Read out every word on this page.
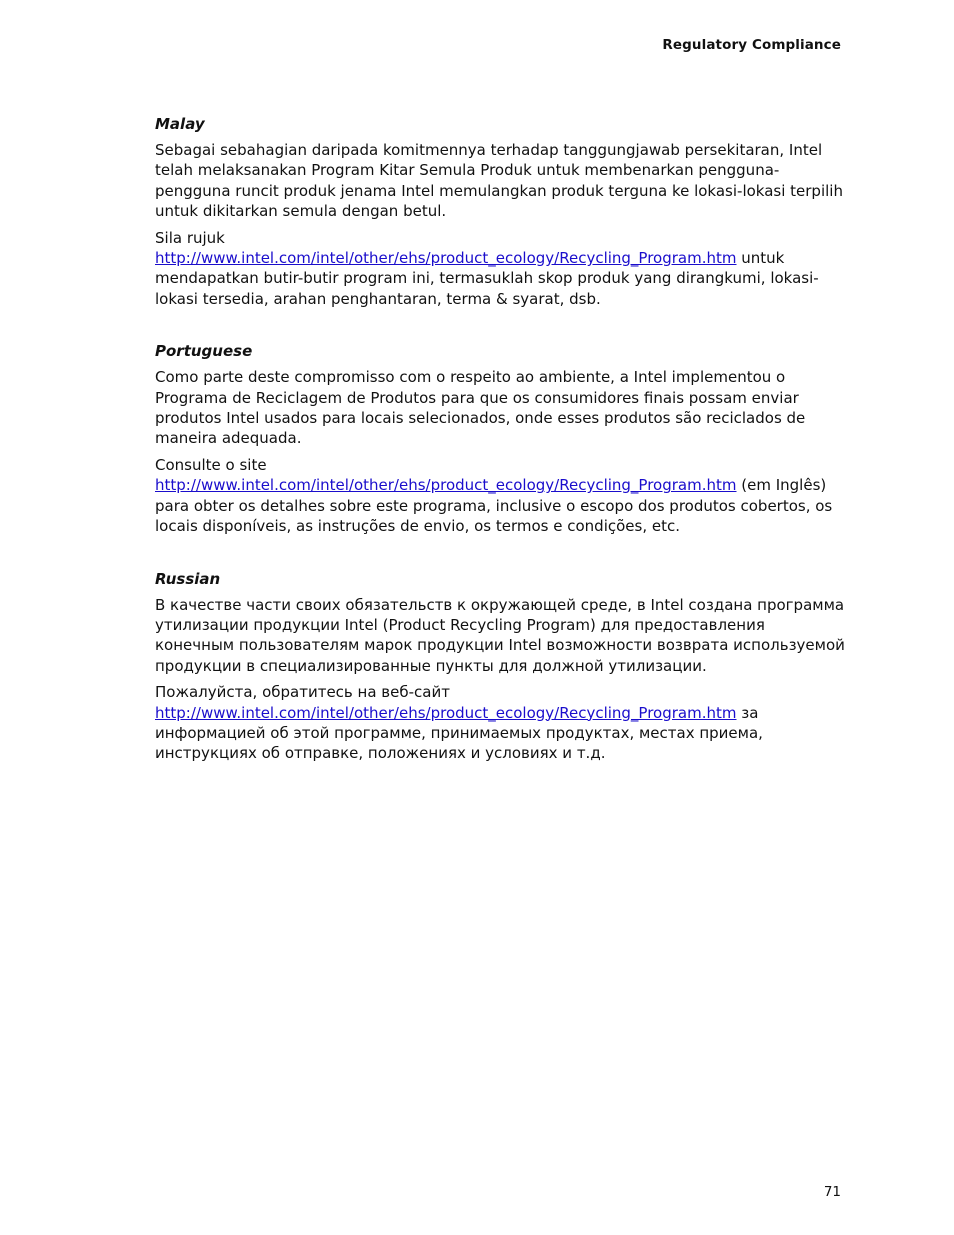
Regulatory Compliance
Malay

Sebagai sebahagian daripada komitmennya terhadap tanggungjawab persekitaran, Intel telah melaksanakan Program Kitar Semula Produk untuk membenarkan pengguna-pengguna runcit produk jenama Intel memulangkan produk terguna ke lokasi-lokasi terpilih untuk dikitarkan semula dengan betul.

Sila rujuk
http://www.intel.com/intel/other/ehs/product_ecology/Recycling_Program.htm untuk mendapatkan butir-butir program ini, termasuklah skop produk yang dirangkumi, lokasi-lokasi tersedia, arahan penghantaran, terma & syarat, dsb.

Portuguese

Como parte deste compromisso com o respeito ao ambiente, a Intel implementou o Programa de Reciclagem de Produtos para que os consumidores finais possam enviar produtos Intel usados para locais selecionados, onde esses produtos são reciclados de maneira adequada.

Consulte o site
http://www.intel.com/intel/other/ehs/product_ecology/Recycling_Program.htm (em Inglês) para obter os detalhes sobre este programa, inclusive o escopo dos produtos cobertos, os locais disponíveis, as instruções de envio, os termos e condições, etc.

Russian

В качестве части своих обязательств к окружающей среде, в Intel создана программа утилизации продукции Intel (Product Recycling Program) для предоставления конечным пользователям марок продукции Intel возможности возврата используемой продукции в специализированные пункты для должной утилизации.

Пожалуйста, обратитесь на веб-сайт
http://www.intel.com/intel/other/ehs/product_ecology/Recycling_Program.htm за информацией об этой программе, принимаемых продуктах, местах приема, инструкциях об отправке, положениях и условиях и т.д.

71
